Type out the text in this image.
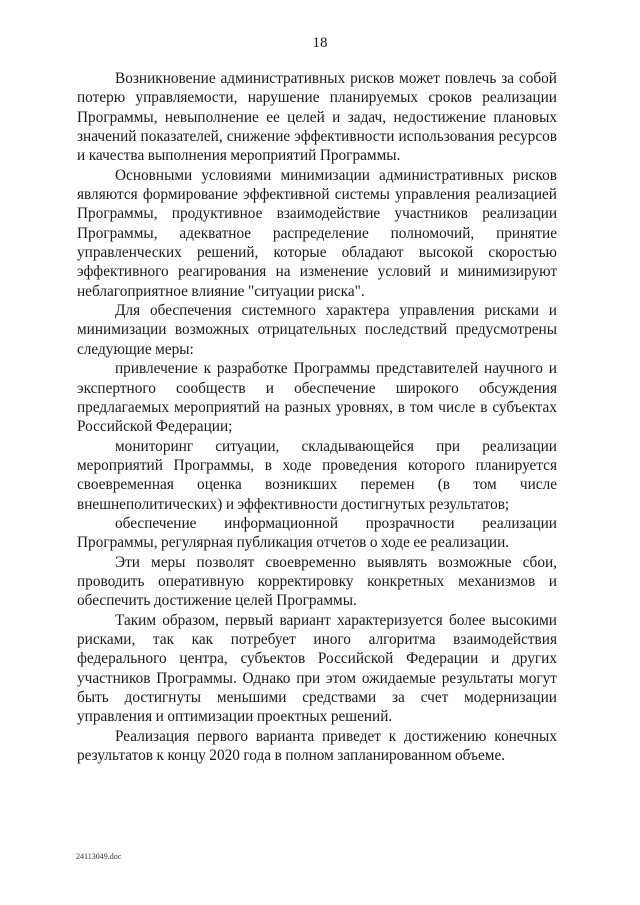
18

Возникновение административных рисков может повлечь за собой потерю управляемости, нарушение планируемых сроков реализации Программы, невыполнение ее целей и задач, недостижение плановых значений показателей, снижение эффективности использования ресурсов и качества выполнения мероприятий Программы.

Основными условиями минимизации административных рисков являются формирование эффективной системы управления реализацией Программы, продуктивное взаимодействие участников реализации Программы, адекватное распределение полномочий, принятие управленческих решений, которые обладают высокой скоростью эффективного реагирования на изменение условий и минимизируют неблагоприятное влияние "ситуации риска".

Для обеспечения системного характера управления рисками и минимизации возможных отрицательных последствий предусмотрены следующие меры:

привлечение к разработке Программы представителей научного и экспертного сообществ и обеспечение широкого обсуждения предлагаемых мероприятий на разных уровнях, в том числе в субъектах Российской Федерации;

мониторинг ситуации, складывающейся при реализации мероприятий Программы, в ходе проведения которого планируется своевременная оценка возникших перемен (в том числе внешнеполитических) и эффективности достигнутых результатов;

обеспечение информационной прозрачности реализации Программы, регулярная публикация отчетов о ходе ее реализации.

Эти меры позволят своевременно выявлять возможные сбои, проводить оперативную корректировку конкретных механизмов и обеспечить достижение целей Программы.

Таким образом, первый вариант характеризуется более высокими рисками, так как потребует иного алгоритма взаимодействия федерального центра, субъектов Российской Федерации и других участников Программы. Однако при этом ожидаемые результаты могут быть достигнуты меньшими средствами за счет модернизации управления и оптимизации проектных решений.

Реализация первого варианта приведет к достижению конечных результатов к концу 2020 года в полном запланированном объеме.

24113049.doc
